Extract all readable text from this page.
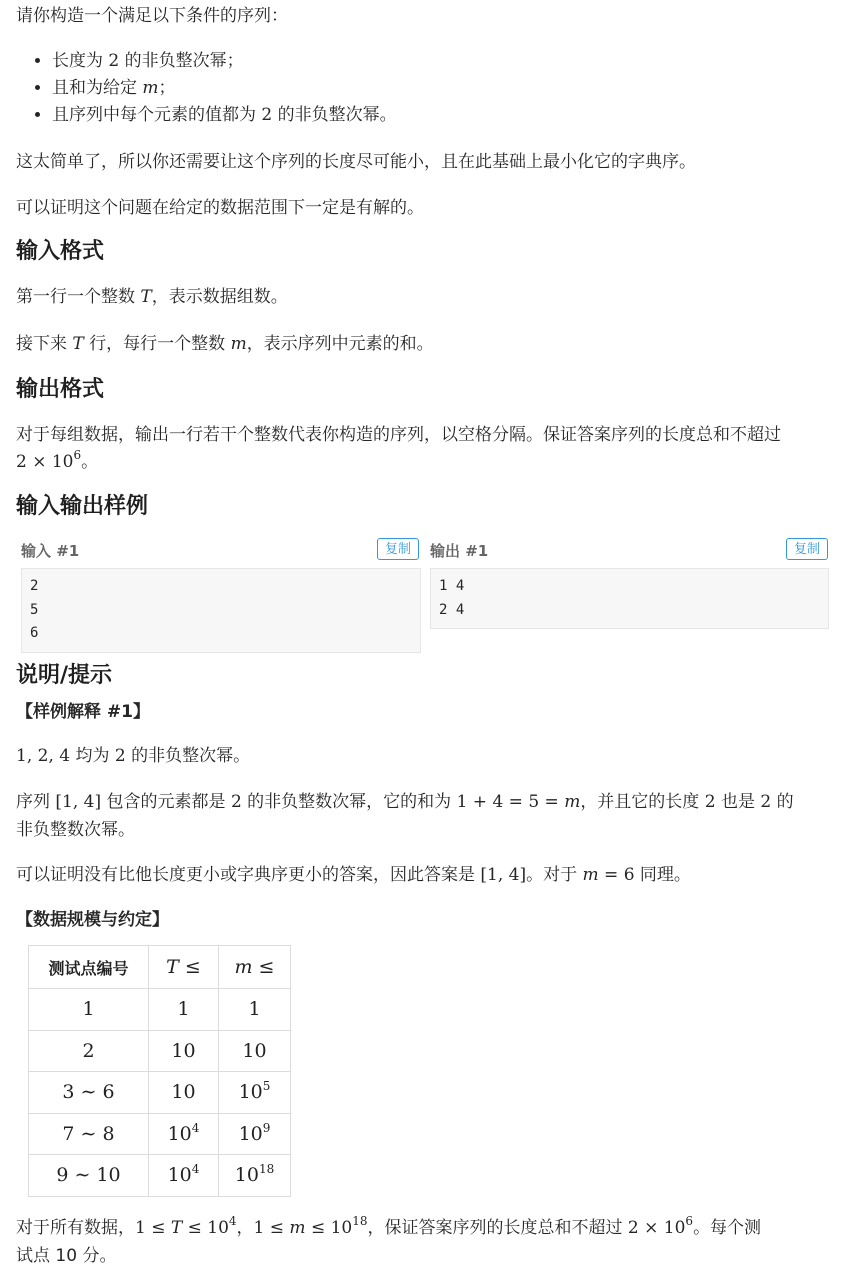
请你构造一个满足以下条件的序列：
• 长度为 2 的非负整次幂；
• 且和为给定 m；
• 且序列中每个元素的值都为 2 的非负整次幂。
这太简单了，所以你还需要让这个序列的长度尽可能小，且在此基础上最小化它的字典序。
可以证明这个问题在给定的数据范围下一定是有解的。
输入格式
第一行一个整数 T，表示数据组数。
接下来 T 行，每行一个整数 m，表示序列中元素的和。
输出格式
对于每组数据，输出一行若干个整数代表你构造的序列，以空格分隔。保证答案序列的长度总和不超过
$2 \times 10^6$。
输入输出样例
输入 #1	复制
2
5
6
输出 #1	复制
1 4
2 4
说明/提示
【样例解释 #1】
1, 2, 4 均为 2 的非负整次幂。
序列 [1, 4] 包含的元素都是 2 的非负整数次幂，它的和为 1 + 4 = 5 = m，并且它的长度 2 也是 2 的
非负整数次幂。
可以证明没有比他长度更小或字典序更小的答案，因此答案是 [1, 4]。对于 m = 6 同理。
【数据规模与约定】
测试点编号	T ≤	m ≤
1	1	1
2	10	10
3 ∼ 6	10	$10^5$
7 ∼ 8	$10^4$	$10^9$
9 ∼ 10	$10^4$	$10^{18}$
对于所有数据，$1 \le T \le 10^4$，$1 \le m \le 10^{18}$，保证答案序列的长度总和不超过 $2 \times 10^6$。每个测
试点 10 分。
